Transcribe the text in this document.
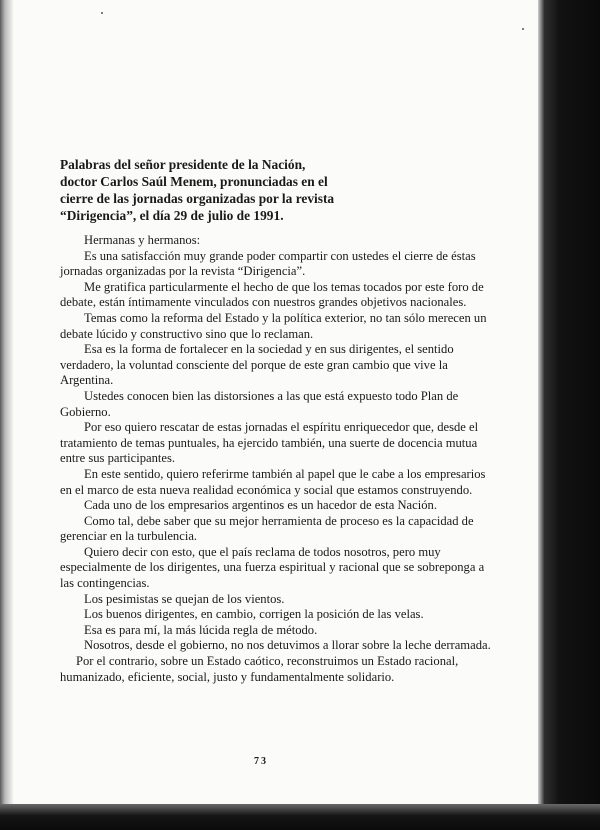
Palabras del señor presidente de la Nación,
doctor Carlos Saúl Menem, pronunciadas en el
cierre de las jornadas organizadas por la revista
“Dirigencia”, el día 29 de julio de 1991.

Hermanas y hermanos:

Es una satisfacción muy grande poder compartir con ustedes el cierre de éstas jornadas organizadas por la revista “Dirigencia”.

Me gratifica particularmente el hecho de que los temas tocados por este foro de debate, están íntimamente vinculados con nuestros grandes objetivos nacionales.

Temas como la reforma del Estado y la política exterior, no tan sólo merecen un debate lúcido y constructivo sino que lo reclaman.

Esa es la forma de fortalecer en la sociedad y en sus dirigentes, el sentido verdadero, la voluntad consciente del porque de este gran cambio que vive la Argentina.

Ustedes conocen bien las distorsiones a las que está expuesto todo Plan de Gobierno.

Por eso quiero rescatar de estas jornadas el espíritu enriquecedor que, desde el tratamiento de temas puntuales, ha ejercido también, una suerte de docencia mutua entre sus participantes.

En este sentido, quiero referirme también al papel que le cabe a los empresarios en el marco de esta nueva realidad económica y social que estamos construyendo.

Cada uno de los empresarios argentinos es un hacedor de esta Nación.

Como tal, debe saber que su mejor herramienta de proceso es la capacidad de gerenciar en la turbulencia.

Quiero decir con esto, que el país reclama de todos nosotros, pero muy especialmente de los dirigentes, una fuerza espiritual y racional que se sobreponga a las contingencias.

Los pesimistas se quejan de los vientos.

Los buenos dirigentes, en cambio, corrigen la posición de las velas.

Esa es para mí, la más lúcida regla de método.

Nosotros, desde el gobierno, no nos detuvimos a llorar sobre la leche derramada.

Por el contrario, sobre un Estado caótico, reconstruimos un Estado racional, humanizado, eficiente, social, justo y fundamentalmente solidario.

73
